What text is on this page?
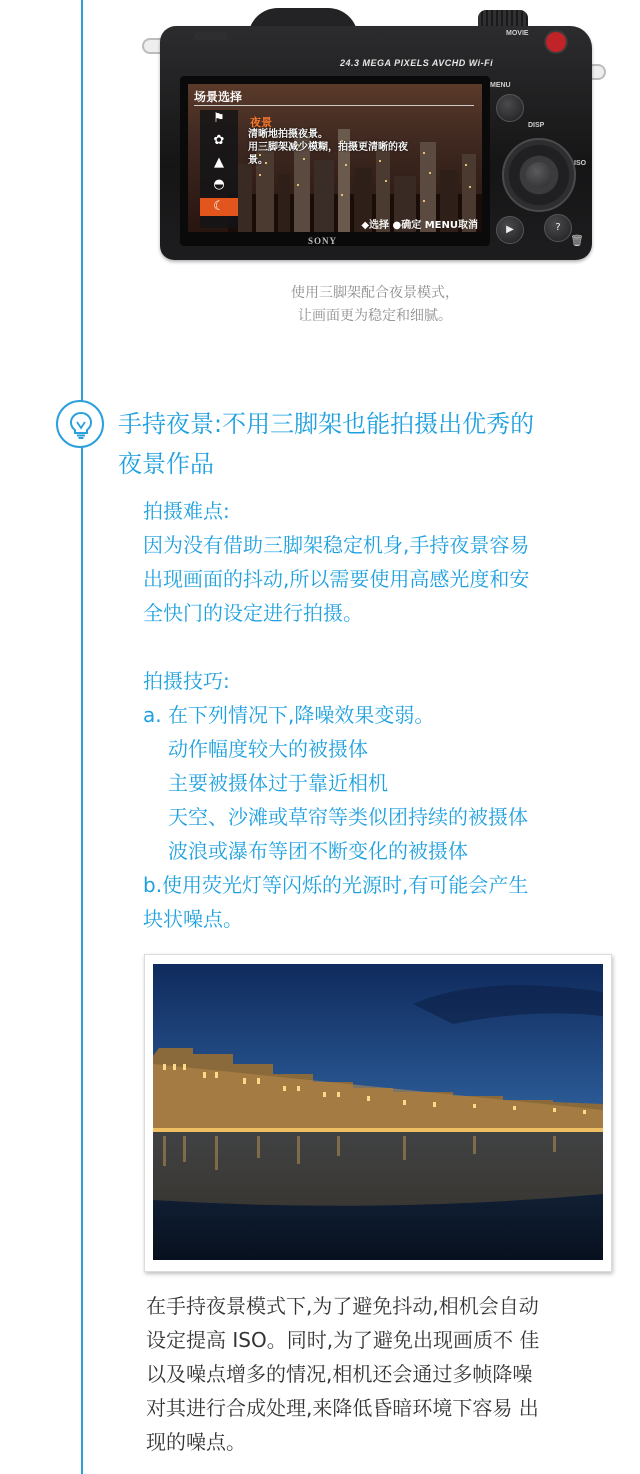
MOVIE
24.3 MEGA PIXELS AVCHD Wi-Fi
场景选择
⚑
✿
▲
◓
☾
夜景
清晰地拍摄夜景。
用三脚架减少模糊，拍摄更清晰的夜
景。
◆选择 ●确定 MENU取消
SONY
MENU
DISP
ISO
▶	?
🗑
使用三脚架配合夜景模式，
让画面更为稳定和细腻。
手持夜景:不用三脚架也能拍摄出优秀的
夜景作品
拍摄难点:
因为没有借助三脚架稳定机身,手持夜景容易
出现画面的抖动,所以需要使用高感光度和安
全快门的设定进行拍摄。
拍摄技巧:
a. 在下列情况下,降噪效果变弱。
动作幅度较大的被摄体
主要被摄体过于靠近相机
天空、沙滩或草帘等类似团持续的被摄体
波浪或瀑布等团不断变化的被摄体
b.使用荧光灯等闪烁的光源时,有可能会产生
块状噪点。
在手持夜景模式下,为了避免抖动,相机会自动
设定提高 ISO。同时,为了避免出现画质不 佳
以及噪点增多的情况,相机还会通过多帧降噪
对其进行合成处理,来降低昏暗环境下容易 出
现的噪点。
